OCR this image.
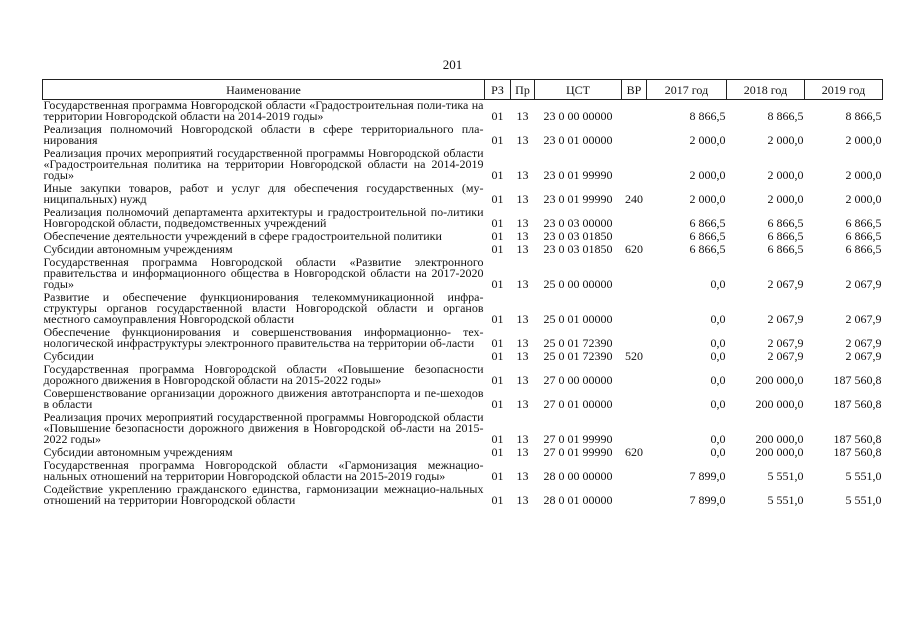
201
Наименование	РЗ	Пр	ЦСТ	ВР	2017 год	2018 год	2019 год
Государственная программа Новгородской области «Градостроительная поли-тика на территории Новгородской области на 2014-2019 годы»	01	13	23 0 00 00000		8 866,5	8 866,5	8 866,5
Реализация полномочий Новгородской области в сфере территориального пла-нирования	01	13	23 0 01 00000		2 000,0	2 000,0	2 000,0
Реализация прочих мероприятий государственной программы Новгородской области «Градостроительная политика на территории Новгородской области на 2014-2019 годы»	01	13	23 0 01 99990		2 000,0	2 000,0	2 000,0
Иные закупки товаров, работ и услуг для обеспечения государственных (му-ниципальных) нужд	01	13	23 0 01 99990	240	2 000,0	2 000,0	2 000,0
Реализация полномочий департамента архитектуры и градостроительной по-литики Новгородской области, подведомственных учреждений	01	13	23 0 03 00000		6 866,5	6 866,5	6 866,5
Обеспечение деятельности учреждений в сфере градостроительной политики	01	13	23 0 03 01850		6 866,5	6 866,5	6 866,5
Субсидии автономным учреждениям	01	13	23 0 03 01850	620	6 866,5	6 866,5	6 866,5
Государственная программа Новгородской области «Развитие электронного правительства и информационного общества в Новгородской области на 2017-2020 годы»	01	13	25 0 00 00000		0,0	2 067,9	2 067,9
Развитие и обеспечение функционирования телекоммуникационной инфра-структуры органов государственной власти Новгородской области и органов местного самоуправления Новгородской области	01	13	25 0 01 00000		0,0	2 067,9	2 067,9
Обеспечение функционирования и совершенствования информационно- тех-нологической инфраструктуры электронного правительства на территории об-ласти	01	13	25 0 01 72390		0,0	2 067,9	2 067,9
Субсидии	01	13	25 0 01 72390	520	0,0	2 067,9	2 067,9
Государственная программа Новгородской области «Повышение безопасности дорожного движения в Новгородской области на 2015-2022 годы»	01	13	27 0 00 00000		0,0	200 000,0	187 560,8
Совершенствование организации дорожного движения автотранспорта и пе-шеходов в области	01	13	27 0 01 00000		0,0	200 000,0	187 560,8
Реализация прочих мероприятий государственной программы Новгородской области «Повышение безопасности дорожного движения в Новгородской об-ласти на 2015-2022 годы»	01	13	27 0 01 99990		0,0	200 000,0	187 560,8
Субсидии автономным учреждениям	01	13	27 0 01 99990	620	0,0	200 000,0	187 560,8
Государственная программа Новгородской области «Гармонизация межнацио-нальных отношений на территории Новгородской области на 2015-2019 годы»	01	13	28 0 00 00000		7 899,0	5 551,0	5 551,0
Содействие укреплению гражданского единства, гармонизации межнацио-нальных отношений на территории Новгородской области	01	13	28 0 01 00000		7 899,0	5 551,0	5 551,0
